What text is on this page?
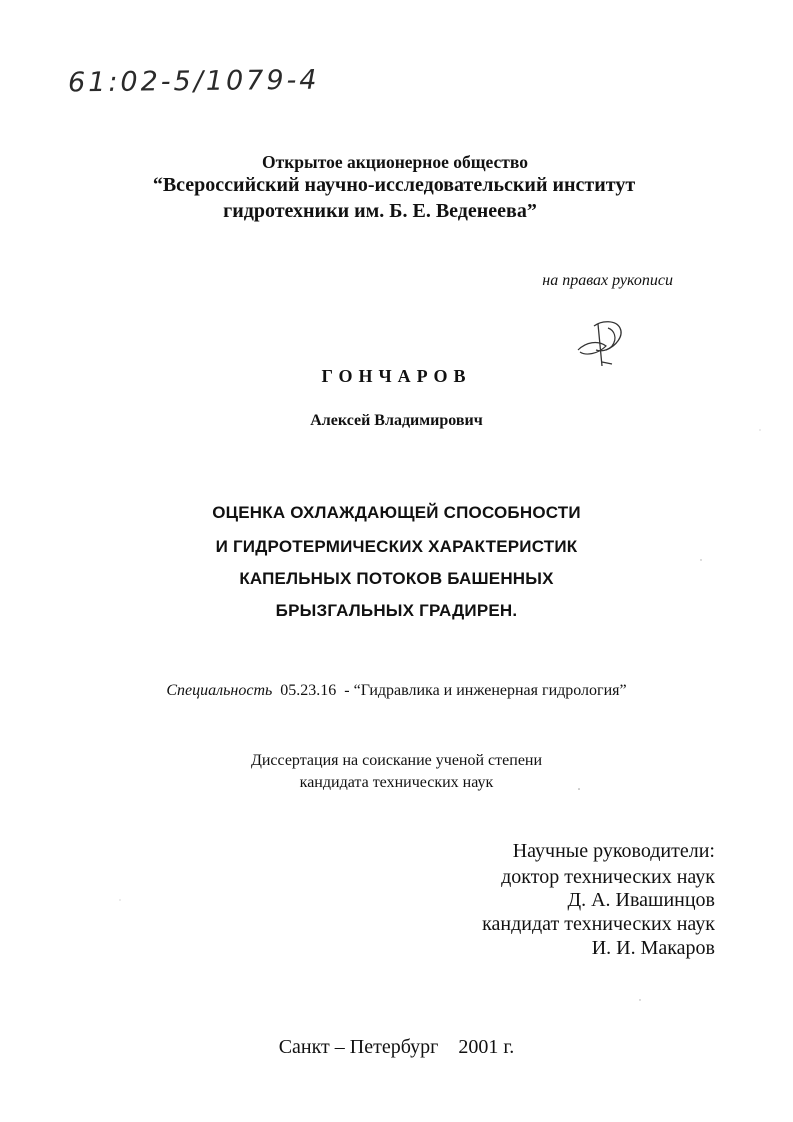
61:02-5/1079-4
Открытое акционерное общество
“Всероссийский научно-исследовательский институт
гидротехники им. Б. Е. Веденеева”
на правах рукописи
ГОНЧАРОВ
Алексей Владимирович
ОЦЕНКА ОХЛАЖДАЮЩЕЙ СПОСОБНОСТИ
И ГИДРОТЕРМИЧЕСКИХ ХАРАКТЕРИСТИК
КАПЕЛЬНЫХ ПОТОКОВ БАШЕННЫХ
БРЫЗГАЛЬНЫХ ГРАДИРЕН.
Специальность 05.23.16 - “Гидравлика и инженерная гидрология”
Диссертация на соискание ученой степени
кандидата технических наук
Научные руководители:
доктор технических наук
Д. А. Ивашинцов
кандидат технических наук
И. И. Макаров
Санкт – Петербург 2001 г.
